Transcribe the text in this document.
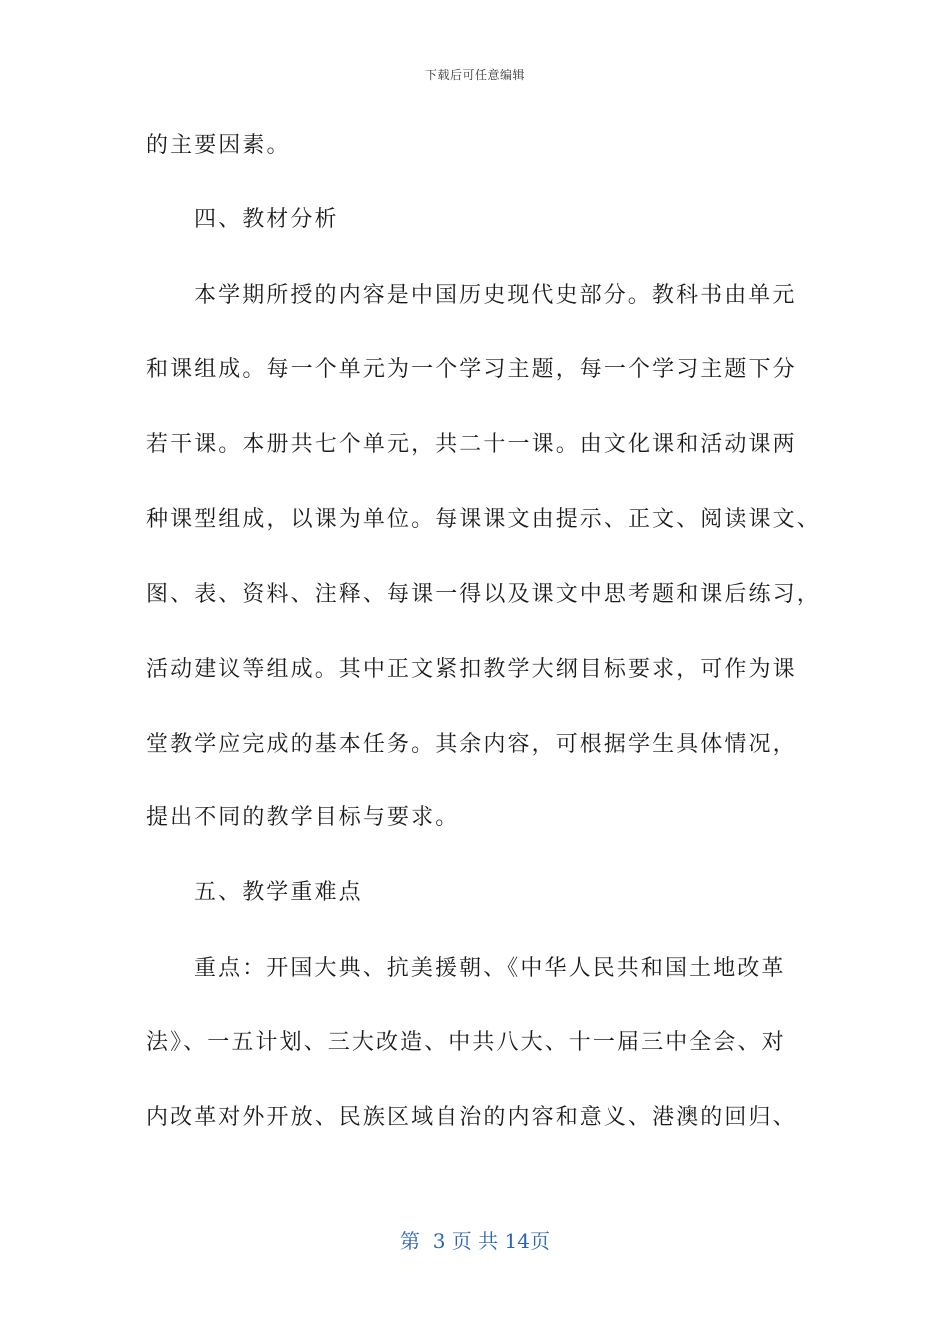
下载后可任意编辑
的主要因素。
四、教材分析
本学期所授的内容是中国历史现代史部分。教科书由单元
和课组成。每一个单元为一个学习主题，每一个学习主题下分
若干课。本册共七个单元，共二十一课。由文化课和活动课两
种课型组成，以课为单位。每课课文由提示、正文、阅读课文、
图、表、资料、注释、每课一得以及课文中思考题和课后练习，
活动建议等组成。其中正文紧扣教学大纲目标要求，可作为课
堂教学应完成的基本任务。其余内容，可根据学生具体情况，
提出不同的教学目标与要求。
五、教学重难点
重点：开国大典、抗美援朝、《中华人民共和国土地改革
法》、一五计划、三大改造、中共八大、十一届三中全会、对
内改革对外开放、民族区域自治的内容和意义、港澳的回归、
第  3 页 共 14页
